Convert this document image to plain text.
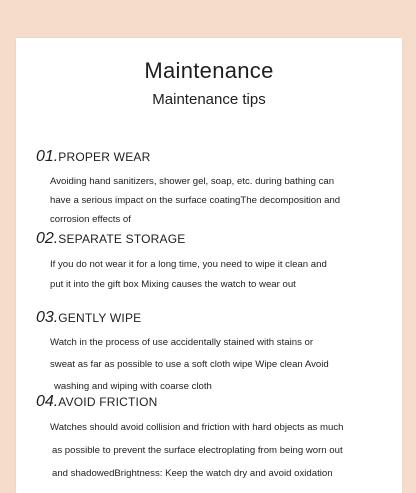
Maintenance
Maintenance tips
01.PROPER WEAR
Avoiding hand sanitizers, shower gel, soap, etc. during bathing can
have a serious impact on the surface coatingThe decomposition and
corrosion effects of
02.SEPARATE STORAGE
If you do not wear it for a long time, you need to wipe it clean and
put it into the gift box Mixing causes the watch to wear out
03.GENTLY WIPE
Watch in the process of use accidentally stained with stains or
sweat as far as possible to use a soft cloth wipe Wipe clean Avoid
washing and wiping with coarse cloth
04.AVOID FRICTION
Watches should avoid collision and friction with hard objects as much
as possible to prevent the surface electroplating from being worn out
and shadowedBrightness: Keep the watch dry and avoid oxidation
